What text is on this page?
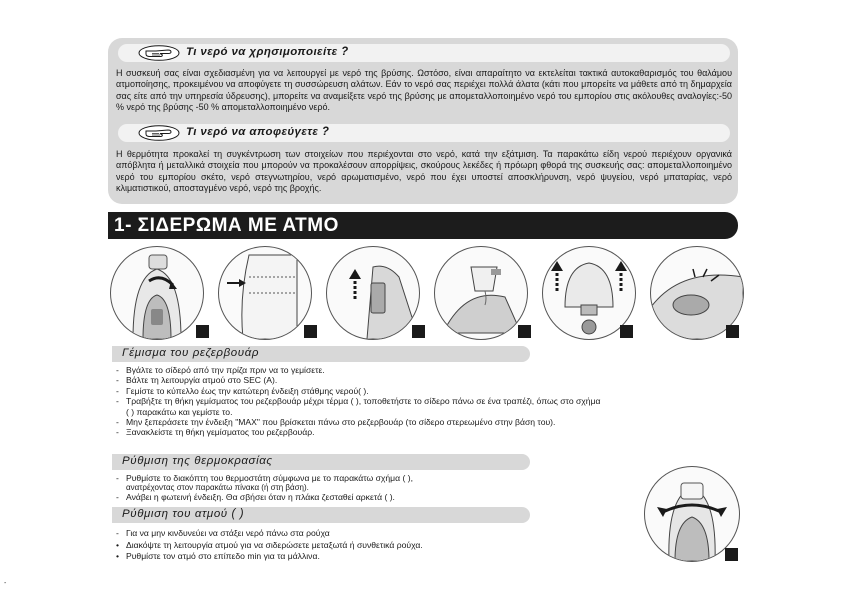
Τι νερό να χρησιμοποιείτε ?
Η συσκευή σας είναι σχεδιασμένη για να λειτουργεί με νερό της βρύσης. Ωστόσο, είναι απαραίτητο να εκτελείται τακτικά αυτοκαθαρισμός του θαλάμου ατμοποίησης, προκειμένου να αποφύγετε τη συσσώρευση αλάτων. Εάν το νερό σας περιέχει πολλά άλατα (κάτι που μπορείτε να μάθετε από τη δημαρχεία σας είτε από την υπηρεσία ύδρευσης), μπορείτε να αναμείξετε νερό της βρύσης με απομεταλλοποιημένο νερό του εμπορίου στις ακόλουθες αναλογίες:-50 % νερό της βρύσης -50 % απομεταλλοποιημένο νερό.
Τι νερό να αποφεύγετε ?
Η θερμότητα προκαλεί τη συγκέντρωση των στοιχείων που περιέχονται στο νερό, κατά την εξάτμιση. Τα παρακάτω είδη νερού περιέχουν οργανικά απόβλητα ή μεταλλικά στοιχεία που μπορούν να προκαλέσουν απορρίψεις, σκούρους λεκέδες ή πρόωρη φθορά της συσκευής σας: απομεταλλοποιημένο νερό του εμπορίου σκέτο, νερό στεγνωτηρίου, νερό αρωματισμένο, νερό που έχει υποστεί αποσκλήρυνση, νερό ψυγείου, νερό μπαταρίας, νερό κλιματιστικού, αποσταγμένο νερό, νερό της βροχής.
1- ΣΙΔΕΡΩΜΑ ΜΕ ΑΤΜΟ
Γέμισμα του ρεζερβουάρ
- Βγάλτε το σίδερό από την πρίζα πριν να το γεμίσετε.
- Βάλτε τη λειτουργία ατμού στο SEC (A).
- Γεμίστε το κύπελλο έως την κατώτερη ένδειξη στάθμης νερού( ).
- Τραβήξτε τη θήκη γεμίσματος του ρεζερβουάρ μέχρι τέρμα ( ), τοποθετήστε το σίδερο πάνω σε ένα τραπέζι, όπως στο σχήμα
( ) παρακάτω και γεμίστε το.
- Μην ξεπεράσετε την ένδειξη "MAX" που βρίσκεται πάνω στο ρεζερβουάρ (το σίδερο στερεωμένο στην βάση του).
- Ξανακλείστε τη θήκη γεμίσματος του ρεζερβουάρ.
Ρύθμιση της θερμοκρασίας
- Ρυθμίστε το διακόπτη του θερμοστάτη σύμφωνα με το παρακάτω σχήμα ( ),
ανατρέχοντας στον παρακάτω πίνακα (ή στη βάση).
- Ανάβει η φωτεινή ένδειξη. Θα σβήσει όταν η πλάκα ζεσταθεί αρκετά ( ).
Ρύθμιση του ατμού ( )
- Για να μην κινδυνεύει να στάξει νερό πάνω στα ρούχα
• Διακόψτε τη λειτουργία ατμού για να σιδερώσετε μεταξωτά ή συνθετικά ρούχα.
• Ρυθμίστε τον ατμό στο επίπεδο min για τα μάλλινα.
-
